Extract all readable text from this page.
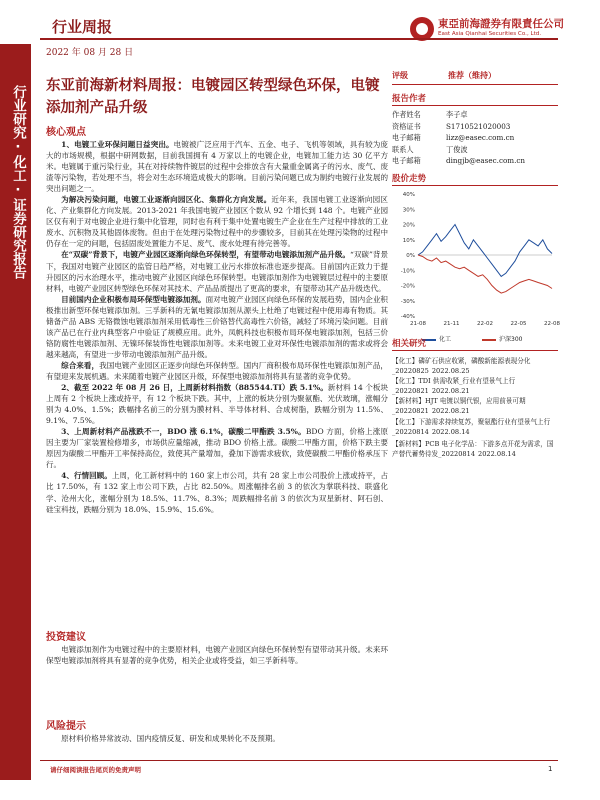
行业周报	東亞前海證券有限責任公司
East Asia Qianhai Securities Co., Ltd.
2022 年 08 月 28 日
行业研究·化工·证券研究报告 东亚前海新材料周报：电镀园区转型绿色环保，电镀添加剂产品升级
核心观点

1、电镀工业环保问题日益突出。电镀被广泛应用于汽车、五金、电子、飞机等领域，具有较为庞大的市场规模，根据中研网数据，目前我国拥有 4 万家以上的电镀企业，电镀加工能力达 30 亿平方米。电镀属于重污染行业，其在对持续物件镀层的过程中会排放含有大量重金属离子的污水、废气、废渣等污染物，若处理不当，将会对生态环境造成极大的影响。目前污染问题已成为制约电镀行业发展的突出问题之一。

为解决污染问题，电镀工业逐渐向园区化、集群化方向发展。近年来，我国电镀工业逐渐向园区化、产业集群化方向发展。2013-2021 年我国电镀产业园区个数从 92 个增长到 148 个。电镀产业园区仅有利于对电镀企业进行集中化管理，同时也有利于集中处置电镀生产企业在生产过程中排放的工业废水、沉积物及其他固体废物。但由于在处理污染物过程中的步骤较多，目前其在处理污染物的过程中仍存在一定的问题，包括固废处置能力不足、废气、废水处理有待完善等。

在“双碳”背景下，电镀产业园区逐渐向绿色环保转型，有望带动电镀添加剂产品升级。“双碳”背景下，我国对电镀产业园区的监管日趋严格，对电镀工业污水排放标准也逐步提高。目前国内正致力于提升园区的污水治理水平，推动电镀产业园区向绿色环保转型。电镀添加剂作为电镀镀层过程中的主要原材料，电镀产业园区转型绿色环保对其技术、产品品质提出了更高的要求，有望带动其产品升级迭代。

目前国内企业积极布局环保型电镀添加剂。面对电镀产业园区向绿色环保的发展趋势，国内企业积极推出新型环保电镀添加剂。三孚新科的无氰电镀添加剂从源头上杜绝了电镀过程中使用毒有物质。其储备产品 ABS 无铬微蚀电镀添加剂采用低毒性三价铬替代高毒性六价铬，减轻了环境污染问题。目前该产品已在行业内典型客户中验证了规模应用。此外，凤帆科技也积极布局环保电镀添加剂，包括三价铬防腐性电镀添加剂、无镍环保装饰性电镀添加剂等。未来电镀工业对环保性电镀添加剂的需求或将会越来越高，有望进一步带动电镀添加剂产品升级。

综合来看，我国电镀产业园区正逐步向绿色环保转型。国内厂商积极布局环保性电镀添加剂产品，有望迎来发展机遇。未来随着电镀产业园区升级，环保型电镀添加剂将具有显著的竞争优势。

2、截至 2022 年 08 月 26 日，上周新材料指数（885544.TI）跌 5.1%。新材料 14 个板块上周有 2 个板块上涨或持平，有 12 个板块下跌。其中，上涨的板块分别为聚氨酯、光伏玻璃，涨幅分别为 4.0%、1.5%；跌幅排名前三的分别为膜材料、半导体材料、合成树脂，跌幅分别为 11.5%、9.1%、7.5%。

3、上周新材料产品涨跌不一，BDO 涨 6.1%，碳酸二甲酯跌 3.5%。BDO 方面，价格上涨原因主要为厂家装置检修增多，市场供应量缩减，推动 BDO 价格上涨。碳酸二甲酯方面，价格下跌主要原因为碳酸二甲酯开工率保持高位，致使其产量增加，叠加下游需求疲软，致使碳酸二甲酯价格承压下行。

4、行情回顾。上周，化工新材料中的 160 家上市公司，共有 28 家上市公司股价上涨或持平，占比 17.50%，有 132 家上市公司下跌，占比 82.50%。周涨幅排名前 3 的依次为掌联科技、联盛化学、沧州大化，涨幅分别为 18.5%、11.7%、8.3%；周跌幅排名前 3 的依次为双星新材、阿石创、硅宝科技，跌幅分别为 18.0%、15.9%、15.6%。

投资建议

电镀添加剂作为电镀过程中的主要原材料，电镀产业园区向绿色环保转型有望带动其升级。未来环保型电镀添加剂将具有显著的竞争优势，相关企业或将受益，如三孚新科等。

风险提示

原材料价格异常波动、国内疫情反复、研发和成果转化不及预期。

评级	推荐（维持）
报告作者
作者姓名	李子卓
资格证书	S1710521020003
电子邮箱	lizz@easec.com.cn
联系人	丁俊波
电子邮箱	dingjb@easec.com.cn
股价走势
40%
30%
20%
10%
0%
-10%
-20%
-30%
-40%
21-08	21-11	22-02	22-05	22-08
化工	沪深300
相关研究
【化工】磷矿石供应收紧，磷酸新能源表现分化_20220825 2022.08.25
【化工】TDI 供需收紧_行业有望景气上行_20220821 2022.08.21
【新材料】HJT 电镀以铜代银，应用前景可期 _20220821 2022.08.21
【化工】下游需求持续复苏，聚氨酯行业有望景气上行_20220814 2022.08.14
【新材料】PCB 电子化学品：下游多点开花为需求，国产替代蓄势待发_20220814 2022.08.14
请仔细阅读报告尾页的免责声明	1
